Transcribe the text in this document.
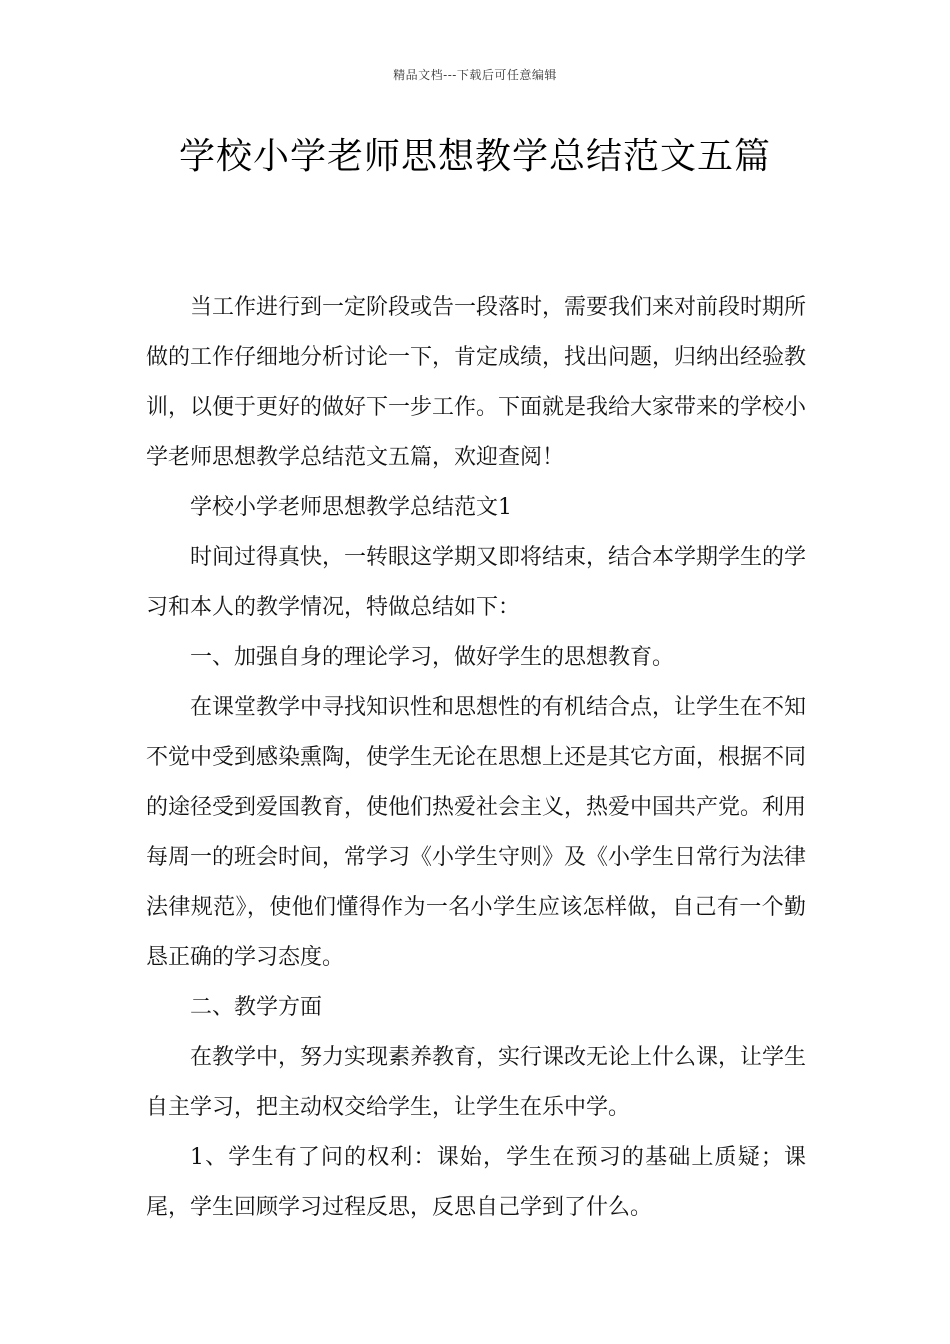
精品文档---下载后可任意编辑
学校小学老师思想教学总结范文五篇

当工作进行到一定阶段或告一段落时，需要我们来对前段时期所做的工作仔细地分析讨论一下，肯定成绩，找出问题，归纳出经验教训，以便于更好的做好下一步工作。下面就是我给大家带来的学校小学老师思想教学总结范文五篇，欢迎查阅！

学校小学老师思想教学总结范文1

时间过得真快，一转眼这学期又即将结束，结合本学期学生的学习和本人的教学情况，特做总结如下：

一、加强自身的理论学习，做好学生的思想教育。

在课堂教学中寻找知识性和思想性的有机结合点，让学生在不知不觉中受到感染熏陶，使学生无论在思想上还是其它方面，根据不同的途径受到爱国教育，使他们热爱社会主义，热爱中国共产党。利用每周一的班会时间，常学习《小学生守则》及《小学生日常行为法律法律规范》，使他们懂得作为一名小学生应该怎样做，自己有一个勤恳正确的学习态度。

二、教学方面

在教学中，努力实现素养教育，实行课改无论上什么课，让学生自主学习，把主动权交给学生，让学生在乐中学。

1、学生有了问的权利：课始，学生在预习的基础上质疑；课尾，学生回顾学习过程反思，反思自己学到了什么。
